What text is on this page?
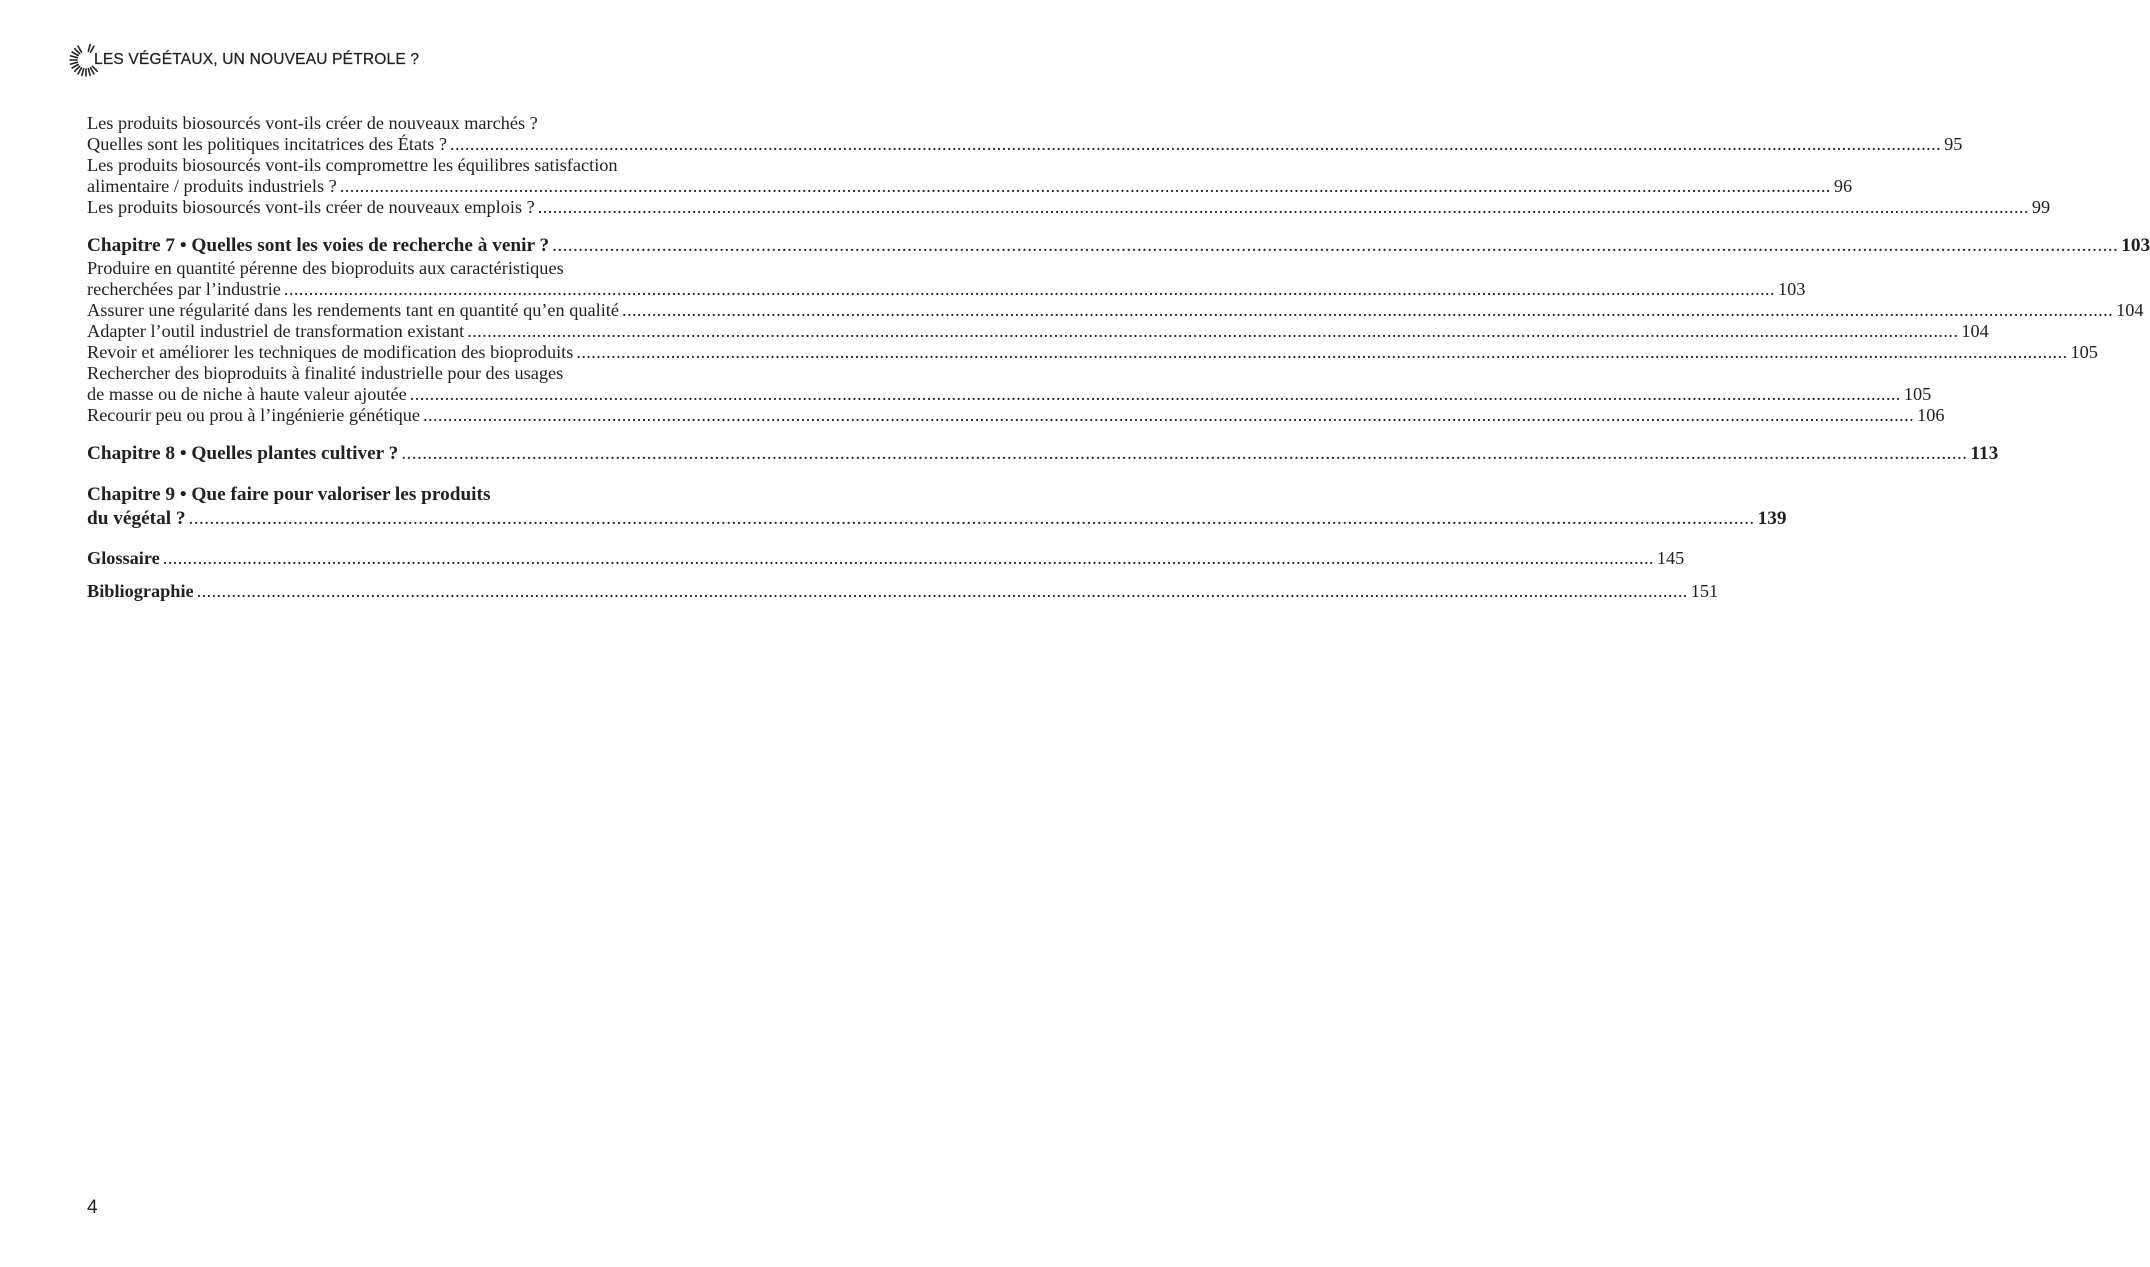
LES VÉGÉTAUX, UN NOUVEAU PÉTROLE ?
Les produits biosourcés vont-ils créer de nouveaux marchés ?
Quelles sont les politiques incitatrices des États ? ............................................................................................................................................................................................................................................................................................................ 95
Les produits biosourcés vont-ils compromettre les équilibres satisfaction
alimentaire / produits industriels ? ............................................................................................................................................................................................................................................................................................................ 96
Les produits biosourcés vont-ils créer de nouveaux emplois ? ............................................................................................................................................................................................................................................................................................................ 99
Chapitre 7 • Quelles sont les voies de recherche à venir ? ............................................................................................................................................................................................................................................................................................................ 103
Produire en quantité pérenne des bioproduits aux caractéristiques
recherchées par l’industrie ............................................................................................................................................................................................................................................................................................................ 103
Assurer une régularité dans les rendements tant en quantité qu’en qualité ............................................................................................................................................................................................................................................................................................................ 104
Adapter l’outil industriel de transformation existant ............................................................................................................................................................................................................................................................................................................ 104
Revoir et améliorer les techniques de modification des bioproduits ............................................................................................................................................................................................................................................................................................................ 105
Rechercher des bioproduits à finalité industrielle pour des usages
de masse ou de niche à haute valeur ajoutée ............................................................................................................................................................................................................................................................................................................ 105
Recourir peu ou prou à l’ingénierie génétique ............................................................................................................................................................................................................................................................................................................ 106
Chapitre 8 • Quelles plantes cultiver ? ............................................................................................................................................................................................................................................................................................................ 113
Chapitre 9 • Que faire pour valoriser les produits
du végétal ? ............................................................................................................................................................................................................................................................................................................ 139
Glossaire ............................................................................................................................................................................................................................................................................................................ 145
Bibliographie ............................................................................................................................................................................................................................................................................................................ 151
4
